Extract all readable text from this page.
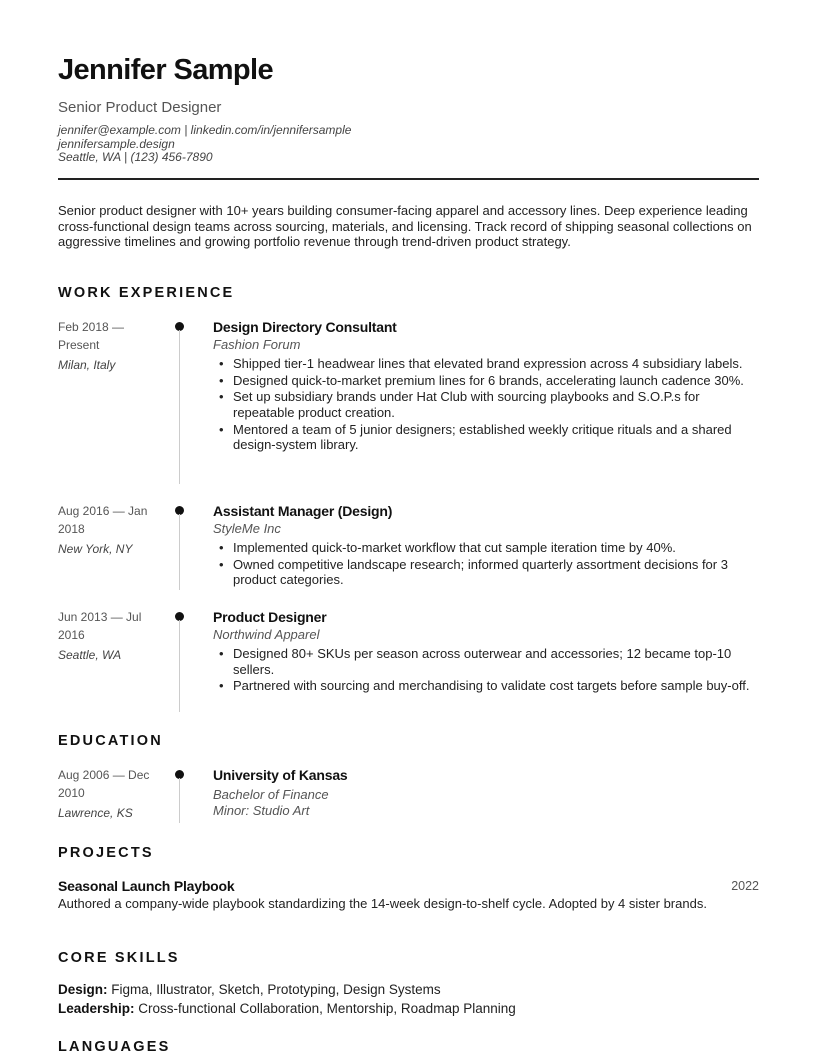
Jennifer Sample
Senior Product Designer
jennifer@example.com | linkedin.com/in/jennifersample
jennifersample.design
Seattle, WA | (123) 456-7890
Senior product designer with 10+ years building consumer-facing apparel and accessory lines. Deep experience leading cross-functional design teams across sourcing, materials, and licensing. Track record of shipping seasonal collections on aggressive timelines and growing portfolio revenue through trend-driven product strategy.
WORK EXPERIENCE
Feb 2018 — Present
Milan, Italy
Design Directory Consultant
Fashion Forum
• Shipped tier-1 headwear lines that elevated brand expression across 4 subsidiary labels.
• Designed quick-to-market premium lines for 6 brands, accelerating launch cadence 30%.
• Set up subsidiary brands under Hat Club with sourcing playbooks and S.O.P.s for repeatable product creation.
• Mentored a team of 5 junior designers; established weekly critique rituals and a shared design-system library.
Aug 2016 — Jan 2018
New York, NY
Assistant Manager (Design)
StyleMe Inc
• Implemented quick-to-market workflow that cut sample iteration time by 40%.
• Owned competitive landscape research; informed quarterly assortment decisions for 3 product categories.
Jun 2013 — Jul 2016
Seattle, WA
Product Designer
Northwind Apparel
• Designed 80+ SKUs per season across outerwear and accessories; 12 became top-10 sellers.
• Partnered with sourcing and merchandising to validate cost targets before sample buy-off.
EDUCATION
Aug 2006 — Dec 2010
Lawrence, KS
University of Kansas
Bachelor of Finance
Minor: Studio Art
PROJECTS
Seasonal Launch Playbook	2022
Authored a company-wide playbook standardizing the 14-week design-to-shelf cycle. Adopted by 4 sister brands.
CORE SKILLS
Design: Figma, Illustrator, Sketch, Prototyping, Design Systems
Leadership: Cross-functional Collaboration, Mentorship, Roadmap Planning
LANGUAGES
